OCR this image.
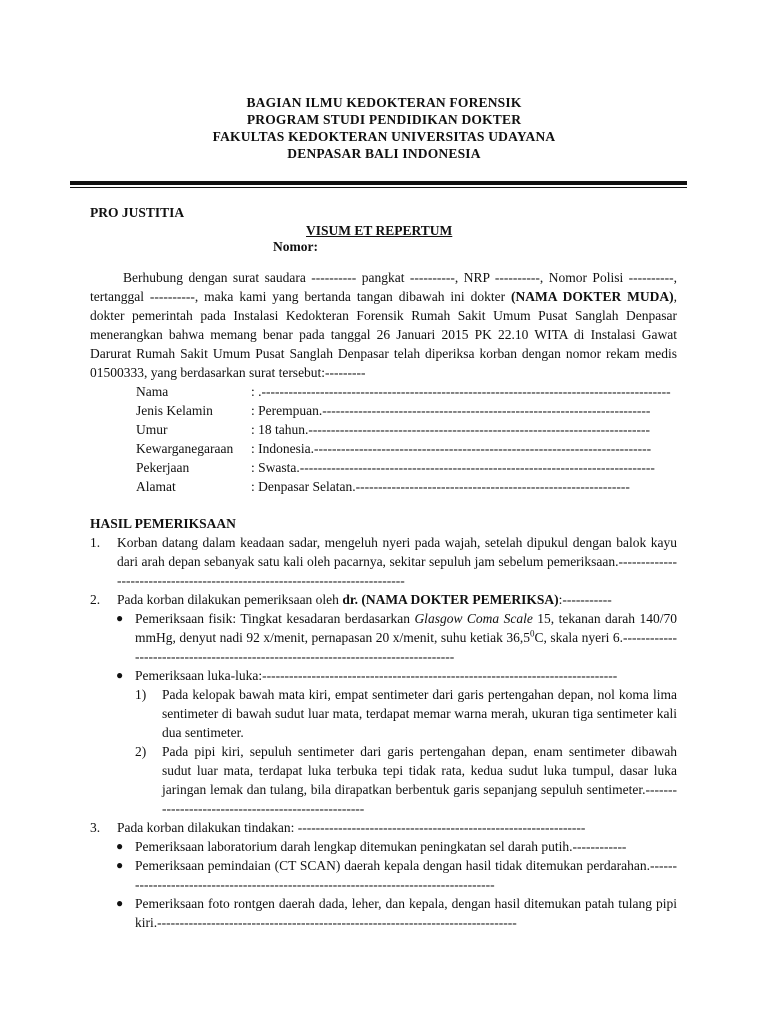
BAGIAN ILMU KEDOKTERAN FORENSIK
PROGRAM STUDI PENDIDIKAN DOKTER
FAKULTAS KEDOKTERAN UNIVERSITAS UDAYANA
DENPASAR BALI INDONESIA
PRO JUSTITIA
VISUM ET REPERTUM
Nomor:

Berhubung dengan surat saudara ---------- pangkat ----------, NRP ----------, Nomor Polisi ----------, tertanggal ----------, maka kami yang bertanda tangan dibawah ini dokter (NAMA DOKTER MUDA), dokter pemerintah pada Instalasi Kedokteran Forensik Rumah Sakit Umum Pusat Sanglah Denpasar menerangkan bahwa memang benar pada tanggal 26 Januari 2015 PK 22.10 WITA di Instalasi Gawat Darurat Rumah Sakit Umum Pusat Sanglah Denpasar telah diperiksa korban dengan nomor rekam medis 01500333, yang berdasarkan surat tersebut:---------

Nama	: .-------------------------------------------------------------------------------------------
Jenis Kelamin	: Perempuan.-------------------------------------------------------------------------
Umur	: 18 tahun.----------------------------------------------------------------------------
Kewarganegaraan	: Indonesia.---------------------------------------------------------------------------
Pekerjaan	: Swasta.-------------------------------------------------------------------------------
Alamat	: Denpasar Selatan.-------------------------------------------------------------
HASIL PEMERIKSAAN
1. Korban datang dalam keadaan sadar, mengeluh nyeri pada wajah, setelah dipukul dengan balok kayu dari arah depan sebanyak satu kali oleh pacarnya, sekitar sepuluh jam sebelum pemeriksaan.-----------------------------------------------------------------------------

2. Pada korban dilakukan pemeriksaan oleh dr. (NAMA DOKTER PEMERIKSA):-----------

● Pemeriksaan fisik: Tingkat kesadaran berdasarkan Glasgow Coma Scale 15, tekanan darah 140/70 mmHg, denyut nadi 92 x/menit, pernapasan 20 x/menit, suhu ketiak 36,5$^0$C, skala nyeri 6.-----------------------------------------------------------------------------------

● Pemeriksaan luka-luka:-------------------------------------------------------------------------------

1) Pada kelopak bawah mata kiri, empat sentimeter dari garis pertengahan depan, nol koma lima sentimeter di bawah sudut luar mata, terdapat memar warna merah, ukuran tiga sentimeter kali dua sentimeter.

2) Pada pipi kiri, sepuluh sentimeter dari garis pertengahan depan, enam sentimeter dibawah sudut luar mata, terdapat luka terbuka tepi tidak rata, kedua sudut luka tumpul, dasar luka jaringan lemak dan tulang, bila dirapatkan berbentuk garis sepanjang sepuluh sentimeter.----------------------------------------------------

3. Pada korban dilakukan tindakan: ----------------------------------------------------------------

● Pemeriksaan laboratorium darah lengkap ditemukan peningkatan sel darah putih.------------

● Pemeriksaan pemindaian (CT SCAN) daerah kepala dengan hasil tidak ditemukan perdarahan.--------------------------------------------------------------------------------------

● Pemeriksaan foto rontgen daerah dada, leher, dan kepala, dengan hasil ditemukan patah tulang pipi kiri.--------------------------------------------------------------------------------
